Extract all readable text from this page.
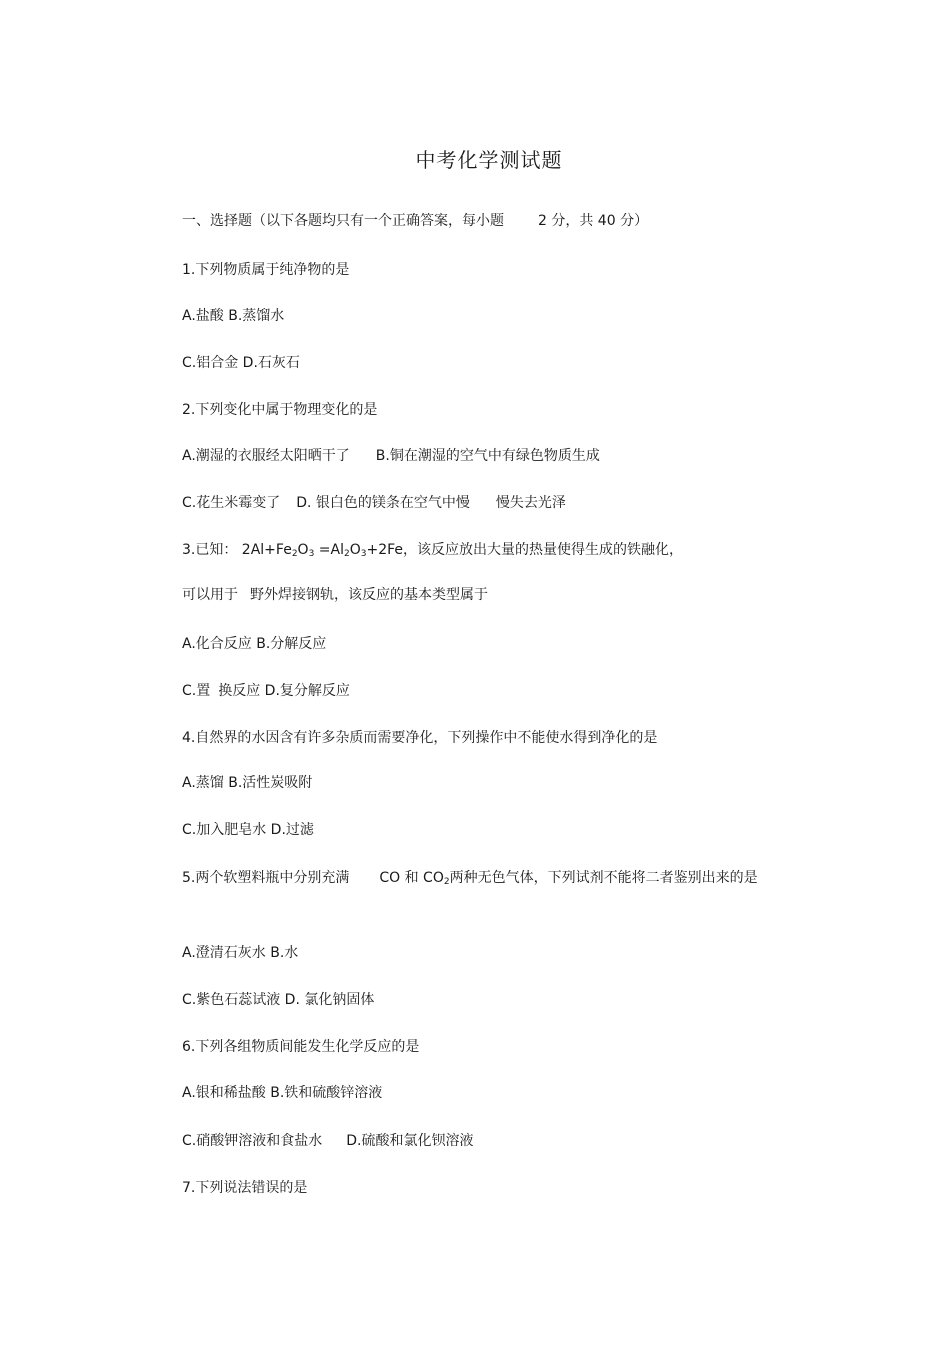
中考化学测试题
一、选择题（以下各题均只有一个正确答案，每小题 2 分，共 40 分）
1.下列物质属于纯净物的是
A.盐酸 B.蒸馏水
C.铝合金 D.石灰石
2.下列变化中属于物理变化的是
A.潮湿的衣服经太阳晒干了 B.铜在潮湿的空气中有绿色物质生成
C.花生米霉变了 D. 银白色的镁条在空气中慢 慢失去光泽
3.已知： $2Al+Fe_2O_3 =Al_2O_3+2Fe$，该反应放出大量的热量使得生成的铁融化，
可以用于 野外焊接钢轨，该反应的基本类型属于
A.化合反应 B.分解反应
C.置 换反应 D.复分解反应
4.自然界的水因含有许多杂质而需要净化，下列操作中不能使水得到净化的是
A.蒸馏 B.活性炭吸附
C.加入肥皂水 D.过滤
5.两个软塑料瓶中分别充满 CO 和 $CO_2$两种无色气体，下列试剂不能将二者鉴别出来的是
A.澄清石灰水 B.水
C.紫色石蕊试液 D. 氯化钠固体
6.下列各组物质间能发生化学反应的是
A.银和稀盐酸 B.铁和硫酸锌溶液
C.硝酸钾溶液和食盐水 D.硫酸和氯化钡溶液
7.下列说法错误的是
